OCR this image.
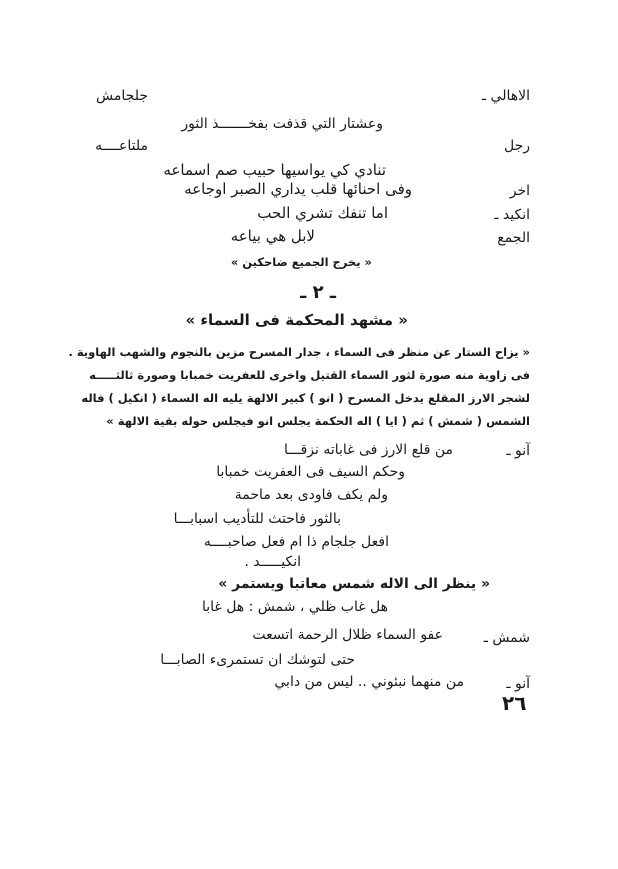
الاهالي ـ
جلجامش
وعشتار التي قذفت بفخـــــــذ الثور
رجل
ملتاعــــه
تنادي كي يواسيها حبيب صم اسماعه
اخر
وفى احنائها قلب يداري الصبر اوجاعه
انكيد ـ
اما تنفك تشري الحب
الجمع
لابل هي بياعه
« يخرج الجميع ضاحكين »
ـ ٢ ـ
« مشهد المحكمة فى السماء »
« يزاح الستار عن منظر فى السماء ، جدار المسرح مزين بالنجوم والشهب الهاوية .
فى زاوية منه صورة لثور السماء القتيل واخرى للعفريت خمبابا وصورة ثالثـــــه
لشجر الارز المقلع يدخل المسرح ( انو ) كبير الالهة يليه اله السماء ( انكيل ) فاله
الشمس ( شمش ) ثم ( ايا ) اله الحكمة يجلس انو فيجلس حوله بقية الالهة »
آنو ـ
من قلع الارز فى غاباته نزقـــا
وحكم السيف فى العفريت خمبابا
ولم يكف فاودى بعد ماحمة
بالثور فاحتث للتأديب اسبابـــا
افعل جلجام ذا ام فعل صاحبــــه
انكيـــــد .
« ينظر الى الاله شمس معاتبا ويستمر »
هل غاب ظلي ، شمش : هل غابا
شمش ـ
عفو السماء ظلال الرحمة اتسعت
حتى لتوشك ان تستمرىء الصابـــا
آنو ـ
من منهما نبئوني .. ليس من دابي
٢٦
